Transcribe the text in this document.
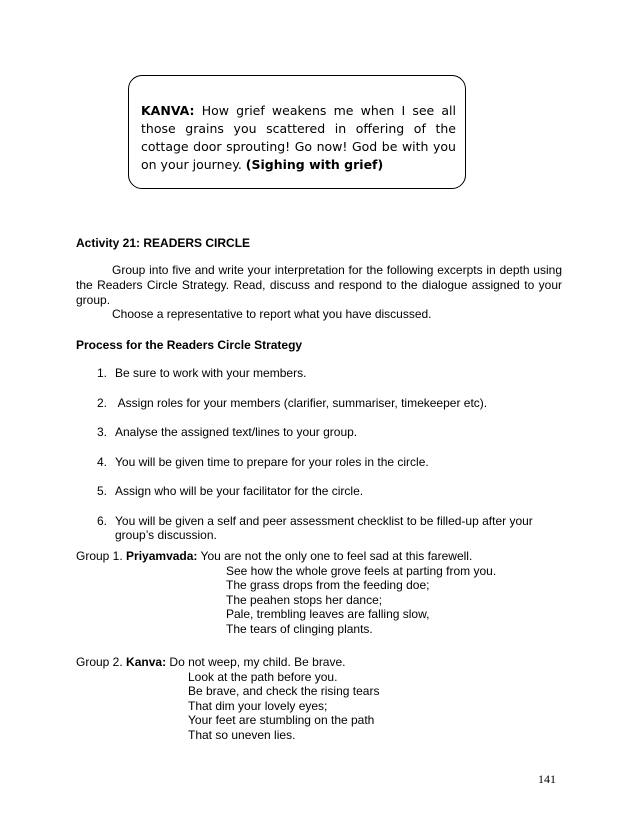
KANVA: How grief weakens me when I see all those grains you scattered in offering of the cottage door sprouting! Go now! God be with you on your journey. (Sighing with grief)
Activity 21: READERS CIRCLE
Group into five and write your interpretation for the following excerpts in depth using the Readers Circle Strategy. Read, discuss and respond to the dialogue assigned to your group.
Choose a representative to report what you have discussed.
Process for the Readers Circle Strategy
1. Be sure to work with your members.
2. Assign roles for your members (clarifier, summariser, timekeeper etc).
3. Analyse the assigned text/lines to your group.
4. You will be given time to prepare for your roles in the circle.
5. Assign who will be your facilitator for the circle.
6. You will be given a self and peer assessment checklist to be filled-up after your group’s discussion.
Group 1. Priyamvada: You are not the only one to feel sad at this farewell.
See how the whole grove feels at parting from you.
The grass drops from the feeding doe;
The peahen stops her dance;
Pale, trembling leaves are falling slow,
The tears of clinging plants.
Group 2. Kanva: Do not weep, my child. Be brave.
Look at the path before you.
Be brave, and check the rising tears
That dim your lovely eyes;
Your feet are stumbling on the path
That so uneven lies.
141
